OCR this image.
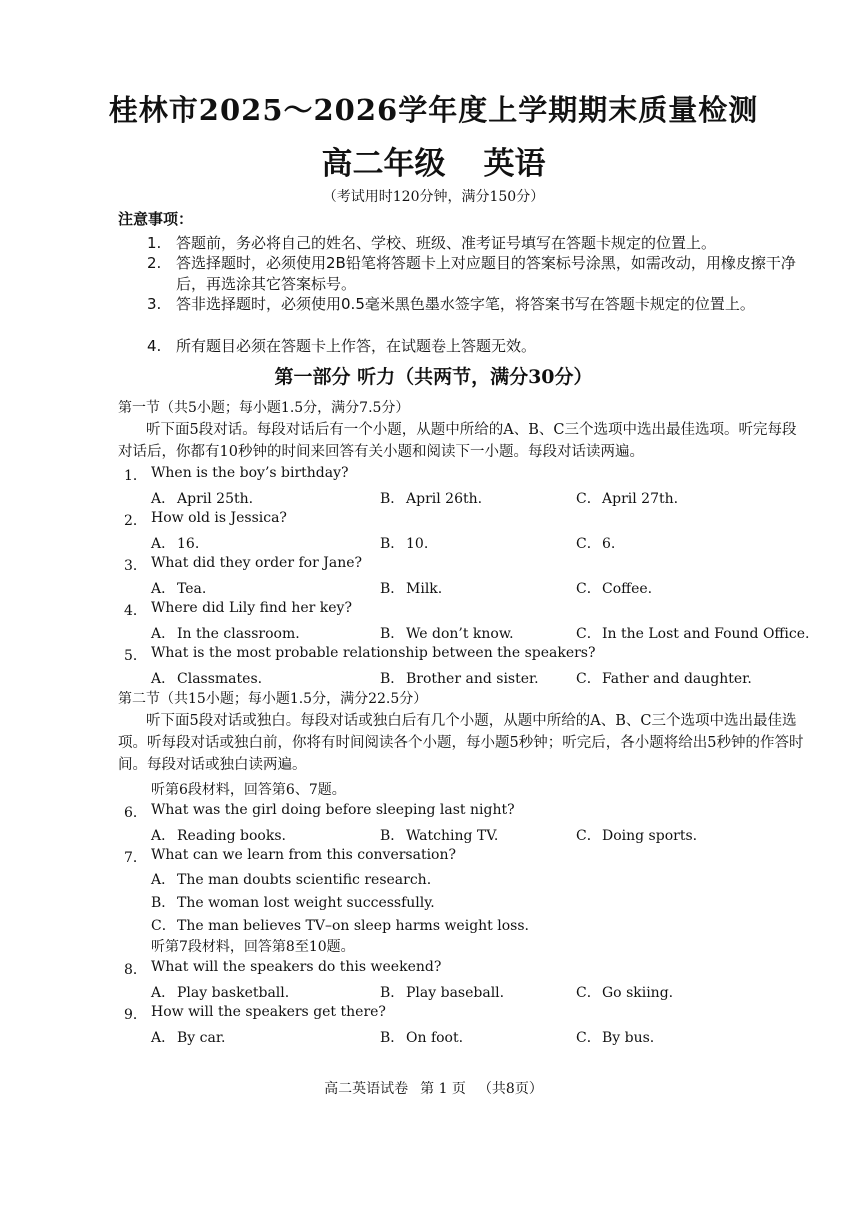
桂林市2025～2026学年度上学期期末质量检测
高二年级 英语
（考试用时120分钟，满分150分）
注意事项：
1. 答题前，务必将自己的姓名、学校、班级、准考证号填写在答题卡规定的位置上。
2. 答选择题时，必须使用2B铅笔将答题卡上对应题目的答案标号涂黑，如需改动，用橡皮擦干净后，再选涂其它答案标号。
3. 答非选择题时，必须使用0.5毫米黑色墨水签字笔，将答案书写在答题卡规定的位置上。
4. 所有题目必须在答题卡上作答，在试题卷上答题无效。
第一部分 听力（共两节，满分30分）
第一节（共5小题；每小题1.5分，满分7.5分）
听下面5段对话。每段对话后有一个小题，从题中所给的A、B、C三个选项中选出最佳选项。听完每段对话后，你都有10秒钟的时间来回答有关小题和阅读下一小题。每段对话读两遍。
1． When is the boy’s birthday?
A． April 25th.	B． April 26th.	C．April 27th.
2． How old is Jessica?
A． 16.	B． 10.	C．6.
3． What did they order for Jane?
A． Tea.	B． Milk.	C．Coffee.
4． Where did Lily find her key?
A． In the classroom.	B． We don’t know.	C．In the Lost and Found Office.
5． What is the most probable relationship between the speakers?
A． Classmates.	B． Brother and sister.	C．Father and daughter.
第二节（共15小题；每小题1.5分，满分22.5分）
听下面5段对话或独白。每段对话或独白后有几个小题，从题中所给的A、B、C三个选项中选出最佳选项。听每段对话或独白前，你将有时间阅读各个小题，每小题5秒钟；听完后，各小题将给出5秒钟的作答时间。每段对话或独白读两遍。
听第6段材料，回答第6、7题。
6． What was the girl doing before sleeping last night?
A． Reading books.	B． Watching TV.	C．Doing sports.
7． What can we learn from this conversation?
A． The man doubts scientific research.
B． The woman lost weight successfully.
C．The man believes TV–on sleep harms weight loss.
听第7段材料，回答第8至10题。
8． What will the speakers do this weekend?
A． Play basketball.	B． Play baseball.	C．Go skiing.
9． How will the speakers get there?
A． By car.	B． On foot.	C．By bus.
高二英语试卷 第 1 页 （共8页）
